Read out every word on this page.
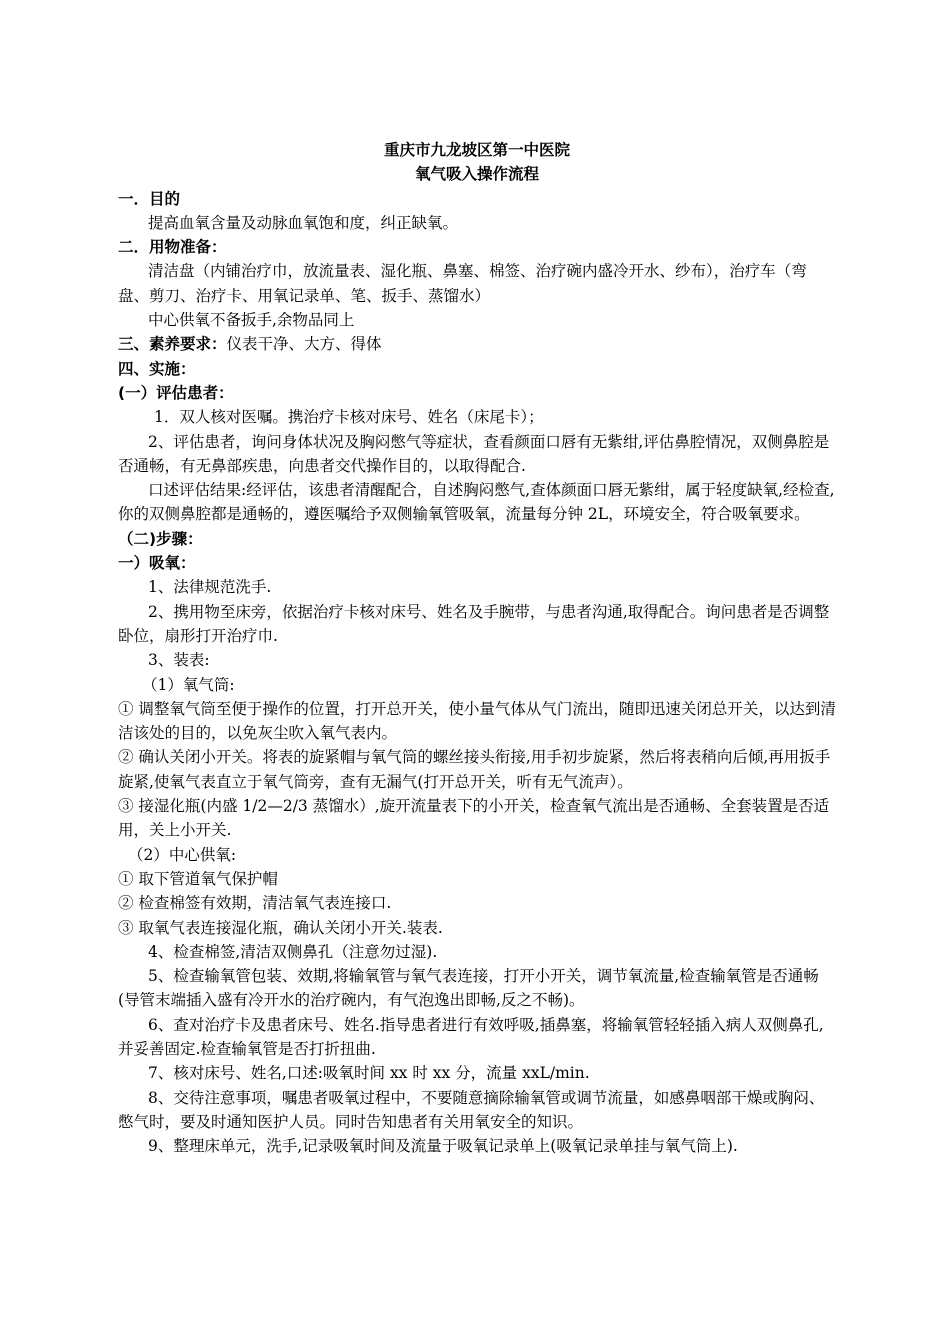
重庆市九龙坡区第一中医院
氧气吸入操作流程

一．目的

提高血氧含量及动脉血氧饱和度，纠正缺氧。

二．用物准备：

清洁盘（内铺治疗巾，放流量表、湿化瓶、鼻塞、棉签、治疗碗内盛冷开水、纱布），治疗车（弯盘、剪刀、治疗卡、用氧记录单、笔、扳手、蒸馏水）

中心供氧不备扳手,余物品同上

三、素养要求：仪表干净、大方、得体

四、实施：

(一）评估患者：

1．双人核对医嘱。携治疗卡核对床号、姓名（床尾卡）；

2、评估患者，询问身体状况及胸闷憋气等症状，查看颜面口唇有无紫绀,评估鼻腔情况，双侧鼻腔是否通畅，有无鼻部疾患，向患者交代操作目的，以取得配合.

口述评估结果:经评估，该患者清醒配合，自述胸闷憋气,查体颜面口唇无紫绀，属于轻度缺氧,经检查,你的双侧鼻腔都是通畅的，遵医嘱给予双侧输氧管吸氧，流量每分钟 2L，环境安全，符合吸氧要求。

（二)步骤：

一）吸氧：

1、法律规范洗手.

2、携用物至床旁，依据治疗卡核对床号、姓名及手腕带，与患者沟通,取得配合。询问患者是否调整卧位，扇形打开治疗巾.

3、装表:

（1）氧气筒:

① 调整氧气筒至便于操作的位置，打开总开关，使小量气体从气门流出，随即迅速关闭总开关，以达到清洁该处的目的，以免灰尘吹入氧气表内。

② 确认关闭小开关。将表的旋紧帽与氧气筒的螺丝接头衔接,用手初步旋紧，然后将表稍向后倾,再用扳手旋紧,使氧气表直立于氧气筒旁，查有无漏气(打开总开关，听有无气流声）。

③ 接湿化瓶(内盛 1/2—2/3 蒸馏水）,旋开流量表下的小开关，检查氧气流出是否通畅、全套装置是否适用，关上小开关.

（2）中心供氧:

① 取下管道氧气保护帽

② 检查棉签有效期，清洁氧气表连接口.

③ 取氧气表连接湿化瓶，确认关闭小开关.装表.

4、检查棉签,清洁双侧鼻孔（注意勿过湿).

5、检查输氧管包装、效期,将输氧管与氧气表连接，打开小开关，调节氧流量,检查输氧管是否通畅(导管末端插入盛有冷开水的治疗碗内，有气泡逸出即畅,反之不畅)。

6、查对治疗卡及患者床号、姓名.指导患者进行有效呼吸,插鼻塞，将输氧管轻轻插入病人双侧鼻孔,并妥善固定.检查输氧管是否打折扭曲.

7、核对床号、姓名,口述:吸氧时间 xx 时 xx 分，流量 xxL/min.

8、交待注意事项，嘱患者吸氧过程中，不要随意摘除输氧管或调节流量，如感鼻咽部干燥或胸闷、憋气时，要及时通知医护人员。同时告知患者有关用氧安全的知识。

9、整理床单元，洗手,记录吸氧时间及流量于吸氧记录单上(吸氧记录单挂与氧气筒上).
